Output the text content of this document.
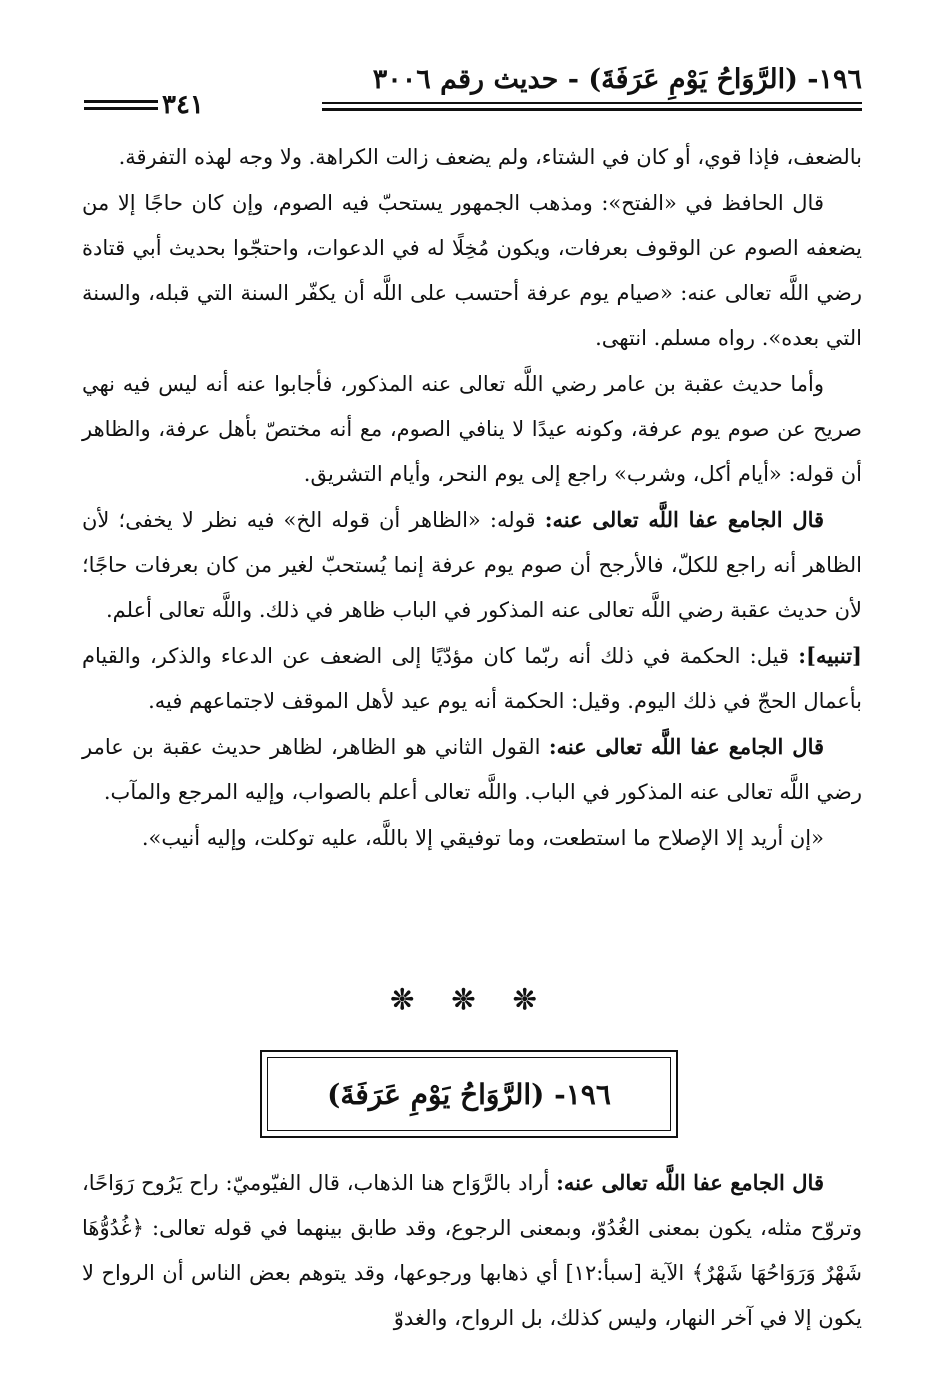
١٩٦- (الرَّوَاحُ يَوْمِ عَرَفَةَ) - حديث رقم ٣٠٠٦
٣٤١

بالضعف، فإذا قوي، أو كان في الشتاء، ولم يضعف زالت الكراهة. ولا وجه لهذه التفرقة.

قال الحافظ في «الفتح»: ومذهب الجمهور يستحبّ فيه الصوم، وإن كان حاجًا إلا من يضعفه الصوم عن الوقوف بعرفات، ويكون مُخِلًا له في الدعوات، واحتجّوا بحديث أبي قتادة رضي اللَّه تعالى عنه: «صيام يوم عرفة أحتسب على اللَّه أن يكفّر السنة التي قبله، والسنة التي بعده». رواه مسلم. انتهى.

وأما حديث عقبة بن عامر رضي اللَّه تعالى عنه المذكور، فأجابوا عنه أنه ليس فيه نهي صريح عن صوم يوم عرفة، وكونه عيدًا لا ينافي الصوم، مع أنه مختصّ بأهل عرفة، والظاهر أن قوله: «أيام أكل، وشرب» راجع إلى يوم النحر، وأيام التشريق.

قال الجامع عفا اللَّه تعالى عنه: قوله: «الظاهر أن قوله الخ» فيه نظر لا يخفى؛ لأن الظاهر أنه راجع للكلّ، فالأرجح أن صوم يوم عرفة إنما يُستحبّ لغير من كان بعرفات حاجًا؛ لأن حديث عقبة رضي اللَّه تعالى عنه المذكور في الباب ظاهر في ذلك. واللَّه تعالى أعلم.

[تنبيه]: قيل: الحكمة في ذلك أنه ربّما كان مؤدّيًا إلى الضعف عن الدعاء والذكر، والقيام بأعمال الحجّ في ذلك اليوم. وقيل: الحكمة أنه يوم عيد لأهل الموقف لاجتماعهم فيه.

قال الجامع عفا اللَّه تعالى عنه: القول الثاني هو الظاهر، لظاهر حديث عقبة بن عامر رضي اللَّه تعالى عنه المذكور في الباب. واللَّه تعالى أعلم بالصواب، وإليه المرجع والمآب.

«إن أريد إلا الإصلاح ما استطعت، وما توفيقي إلا باللَّه، عليه توكلت، وإليه أنيب».

❊ ❊ ❊
١٩٦- (الرَّوَاحُ يَوْمِ عَرَفَةَ)

قال الجامع عفا اللَّه تعالى عنه: أراد بالرَّوَاح هنا الذهاب، قال الفيّوميّ: راح يَرُوح رَوَاحًا، وتروّح مثله، يكون بمعنى الغُدُوّ، وبمعنى الرجوع، وقد طابق بينهما في قوله تعالى: ﴿غُدُوُّهَا شَهْرٌ وَرَوَاحُهَا شَهْرٌ﴾ الآية [سبأ:١٢] أي ذهابها ورجوعها، وقد يتوهم بعض الناس أن الرواح لا يكون إلا في آخر النهار، وليس كذلك، بل الرواح، والغدوّ
